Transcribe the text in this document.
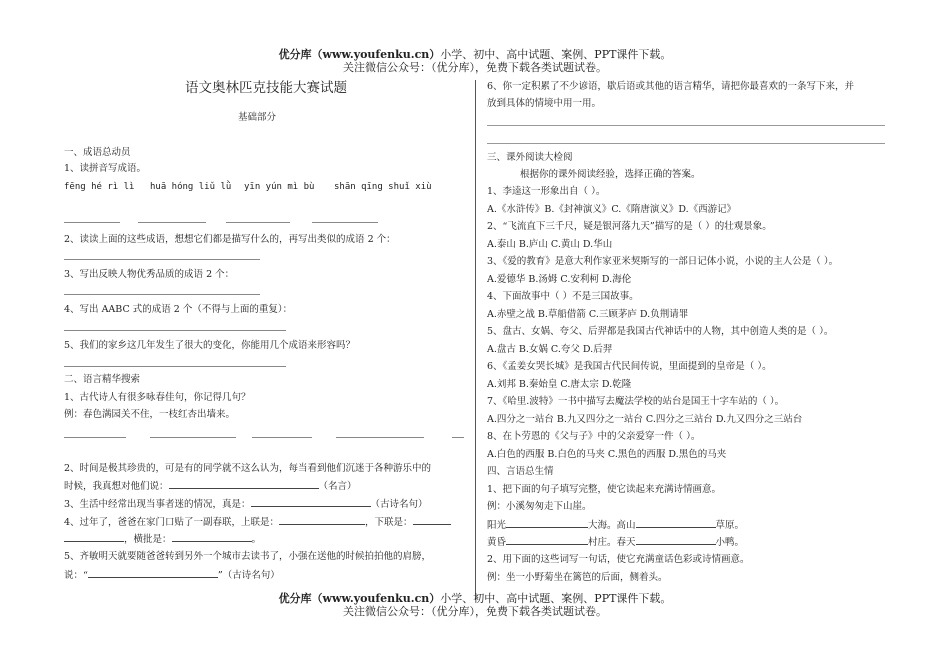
优分库（www.youfenku.cn）小学、初中、高中试题、案例、PPT课件下载。
关注微信公众号：（优分库），免费下载各类试题试卷。
语文奥林匹克技能大赛试题
基础部分
一、成语总动员
1、读拼音写成语。
fēng hé rì lì huā hóng liǔ lǜ yīn yún mì bù shān qīng shuǐ xiù
2、读读上面的这些成语，想想它们都是描写什么的，再写出类似的成语 2 个：
3、写出反映人物优秀品质的成语 2 个：
4、写出 AABC 式的成语 2 个（不得与上面的重复）：
5、我们的家乡这几年发生了很大的变化，你能用几个成语来形容吗？
二、语言精华搜索
1、古代诗人有很多咏春佳句，你记得几句？
例：春色满园关不住，一枝红杏出墙来。
2、时间是极其珍贵的，可是有的同学就不这么认为，每当看到他们沉迷于各种游乐中的
时候，我真想对他们说：	（名言）
3、生活中经常出现当事者迷的情况，真是：	（古诗名句）
4、过年了，爸爸在家门口贴了一副春联，上联是：	，下联是：
，横批是：	。
5、齐敏明天就要随爸爸转到另外一个城市去读书了，小强在送他的时候拍拍他的肩膀，
说：“	”（古诗名句）
6、你一定积累了不少谚语，歇后语或其他的语言精华，请把你最喜欢的一条写下来，并
放到具体的情境中用一用。
三、课外阅读大检阅
根据你的课外阅读经验，选择正确的答案。
1、李逵这一形象出自（ ）。
A.《水浒传》B.《封神演义》C.《隋唐演义》D.《西游记》
2、“飞流直下三千尺，疑是银河落九天”描写的是（ ）的壮观景象。
A.泰山 B.庐山 C.黄山 D.华山
3、《爱的教育》是意大利作家亚米契斯写的一部日记体小说，小说的主人公是（ ）。
A.爱德华 B.汤姆 C.安利柯 D.海伦
4、下面故事中（ ）不是三国故事。
A.赤壁之战 B.草船借箭 C.三顾茅庐 D.负荆请罪
5、盘古、女娲、夸父、后羿都是我国古代神话中的人物，其中创造人类的是（ ）。
A.盘古 B.女娲 C.夸父 D.后羿
6、《孟姜女哭长城》是我国古代民间传说，里面提到的皇帝是（ ）。
A.刘邦 B.秦始皇 C.唐太宗 D.乾隆
7、《哈里.波特》一书中描写去魔法学校的站台是国王十字车站的（ ）。
A.四分之一站台 B.九又四分之一站台 C.四分之三站台 D.九又四分之三站台
8、在卜劳恩的《父与子》中的父亲爱穿一件（ ）。
A.白色的西服 B.白色的马夹 C.黑色的西服 D.黑色的马夹
四、言语总生情
1、把下面的句子填写完整，使它读起来充满诗情画意。
例：小溪匆匆走下山崖。
阳光	大海。高山	草原。
黄昏	村庄。春天	小鸭。
2、用下面的这些词写一句话，使它充满童话色彩或诗情画意。
例：坐一小野菊坐在篱笆的后面，侧着头。
优分库（www.youfenku.cn）小学、初中、高中试题、案例、PPT课件下载。
关注微信公众号：（优分库），免费下载各类试题试卷。
